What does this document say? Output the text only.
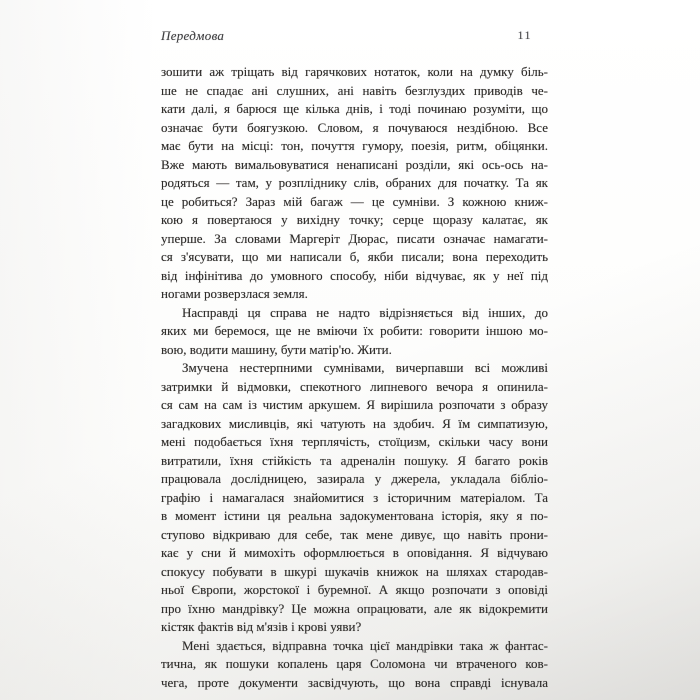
Передмова	11
зошити аж тріщать від гарячкових нотаток, коли на думку біль-
ше не спадає ані слушних, ані навіть безглуздих приводів че-
кати далі, я барюся ще кілька днів, і тоді починаю розуміти, що
означає бути боягузкою. Словом, я почуваюся нездібною. Все
має бути на місці: тон, почуття гумору, поезія, ритм, обіцянки.
Вже мають вимальовуватися ненаписані розділи, які ось-ось на-
родяться — там, у розпліднику слів, обраних для початку. Та як
це робиться? Зараз мій багаж — це сумніви. З кожною книж-
кою я повертаюся у вихідну точку; серце щоразу калатає, як
уперше. За словами Маргеріт Дюрас, писати означає намагати-
ся з'ясувати, що ми написали б, якби писали; вона переходить
від інфінітива до умовного способу, ніби відчуває, як у неї під
ногами розверзлася земля.
Насправді ця справа не надто відрізняється від інших, до
яких ми беремося, ще не вміючи їх робити: говорити іншою мо-
вою, водити машину, бути матір'ю. Жити.
Змучена нестерпними сумнівами, вичерпавши всі можливі
затримки й відмовки, спекотного липневого вечора я опинила-
ся сам на сам із чистим аркушем. Я вирішила розпочати з образу
загадкових мисливців, які чатують на здобич. Я їм симпатизую,
мені подобається їхня терплячість, стоїцизм, скільки часу вони
витратили, їхня стійкість та адреналін пошуку. Я багато років
працювала дослідницею, зазирала у джерела, укладала бібліо-
графію і намагалася знайомитися з історичним матеріалом. Та
в момент істини ця реальна задокументована історія, яку я по-
ступово відкриваю для себе, так мене дивує, що навіть прони-
кає у сни й мимохіть оформлюється в оповідання. Я відчуваю
спокусу побувати в шкурі шукачів книжок на шляхах стародав-
ньої Європи, жорстокої і буремної. А якщо розпочати з оповіді
про їхню мандрівку? Це можна опрацювати, але як відокремити
кістяк фактів від м'язів і крові уяви?
Мені здається, відправна точка цієї мандрівки така ж фантас-
тична, як пошуки копалень царя Соломона чи втраченого ков-
чега, проте документи засвідчують, що вона справді існувала
